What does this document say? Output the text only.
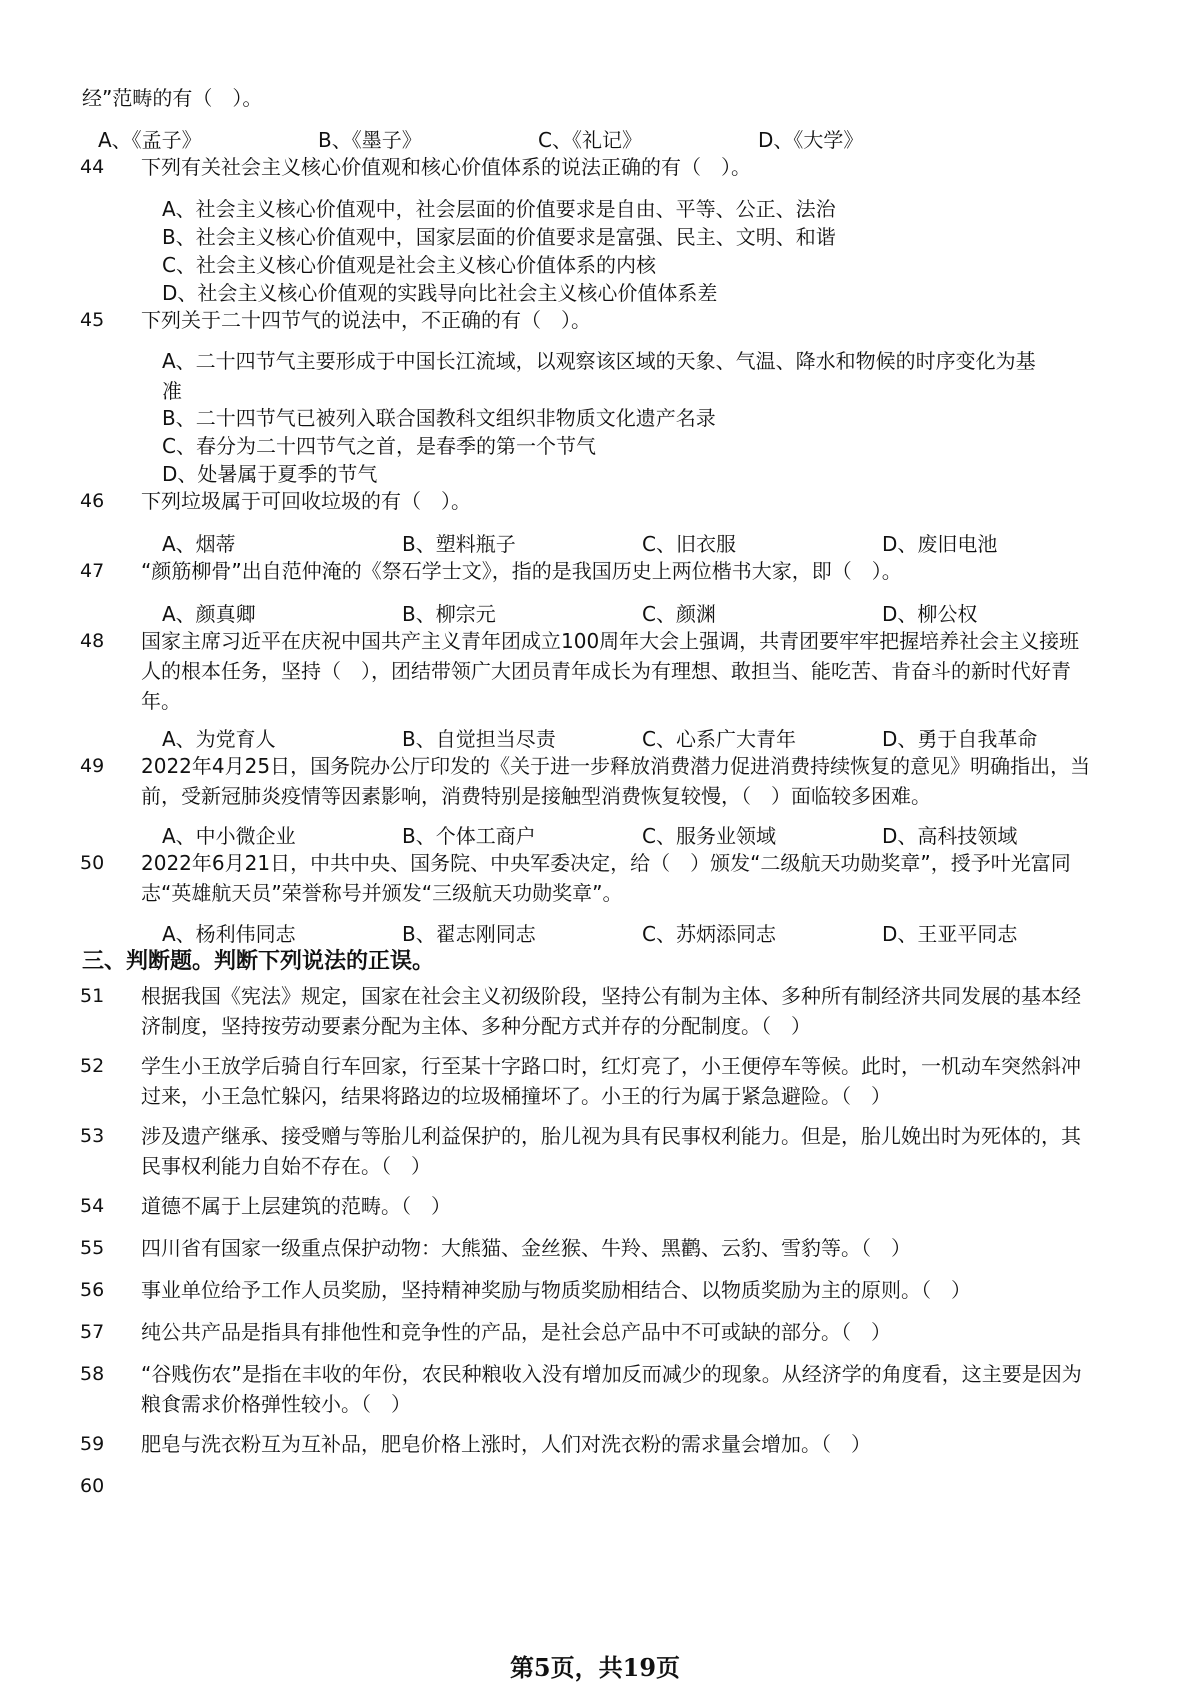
经”范畴的有（　）。
A、《孟子》	B、《墨子》	C、《礼记》	D、《大学》
44 下列有关社会主义核心价值观和核心价值体系的说法正确的有（　）。
A、社会主义核心价值观中，社会层面的价值要求是自由、平等、公正、法治
B、社会主义核心价值观中，国家层面的价值要求是富强、民主、文明、和谐
C、社会主义核心价值观是社会主义核心价值体系的内核
D、社会主义核心价值观的实践导向比社会主义核心价值体系差
45 下列关于二十四节气的说法中，不正确的有（　）。
A、二十四节气主要形成于中国长江流域，以观察该区域的天象、气温、降水和物候的时序变化为基准
B、二十四节气已被列入联合国教科文组织非物质文化遗产名录
C、春分为二十四节气之首，是春季的第一个节气
D、处暑属于夏季的节气
46 下列垃圾属于可回收垃圾的有（　）。
A、烟蒂	B、塑料瓶子	C、旧衣服	D、废旧电池
47 “颜筋柳骨”出自范仲淹的《祭石学士文》，指的是我国历史上两位楷书大家，即（　）。
A、颜真卿	B、柳宗元	C、颜渊	D、柳公权
48 国家主席习近平在庆祝中国共产主义青年团成立100周年大会上强调，共青团要牢牢把握培养社会主义接班人的根本任务，坚持（　），团结带领广大团员青年成长为有理想、敢担当、能吃苦、肯奋斗的新时代好青年。
A、为党育人	B、自觉担当尽责	C、心系广大青年	D、勇于自我革命
49 2022年4月25日，国务院办公厅印发的《关于进一步释放消费潜力促进消费持续恢复的意见》明确指出，当前，受新冠肺炎疫情等因素影响，消费特别是接触型消费恢复较慢，（　）面临较多困难。
A、中小微企业	B、个体工商户	C、服务业领域	D、高科技领域
50 2022年6月21日，中共中央、国务院、中央军委决定，给（　）颁发“二级航天功勋奖章”，授予叶光富同志“英雄航天员”荣誉称号并颁发“三级航天功勋奖章”。
A、杨利伟同志	B、翟志刚同志	C、苏炳添同志	D、王亚平同志
三、判断题。判断下列说法的正误。
51 根据我国《宪法》规定，国家在社会主义初级阶段，坚持公有制为主体、多种所有制经济共同发展的基本经济制度，坚持按劳动要素分配为主体、多种分配方式并存的分配制度。（　）
52 学生小王放学后骑自行车回家，行至某十字路口时，红灯亮了，小王便停车等候。此时，一机动车突然斜冲过来，小王急忙躲闪，结果将路边的垃圾桶撞坏了。小王的行为属于紧急避险。（　）
53 涉及遗产继承、接受赠与等胎儿利益保护的，胎儿视为具有民事权利能力。但是，胎儿娩出时为死体的，其民事权利能力自始不存在。（　）
54 道德不属于上层建筑的范畴。（　）
55 四川省有国家一级重点保护动物：大熊猫、金丝猴、牛羚、黑鹳、云豹、雪豹等。（　）
56 事业单位给予工作人员奖励，坚持精神奖励与物质奖励相结合、以物质奖励为主的原则。（　）
57 纯公共产品是指具有排他性和竞争性的产品，是社会总产品中不可或缺的部分。（　）
58 “谷贱伤农”是指在丰收的年份，农民种粮收入没有增加反而减少的现象。从经济学的角度看，这主要是因为粮食需求价格弹性较小。（　）
59 肥皂与洗衣粉互为互补品，肥皂价格上涨时，人们对洗衣粉的需求量会增加。（　）
60
第5页，共19页
